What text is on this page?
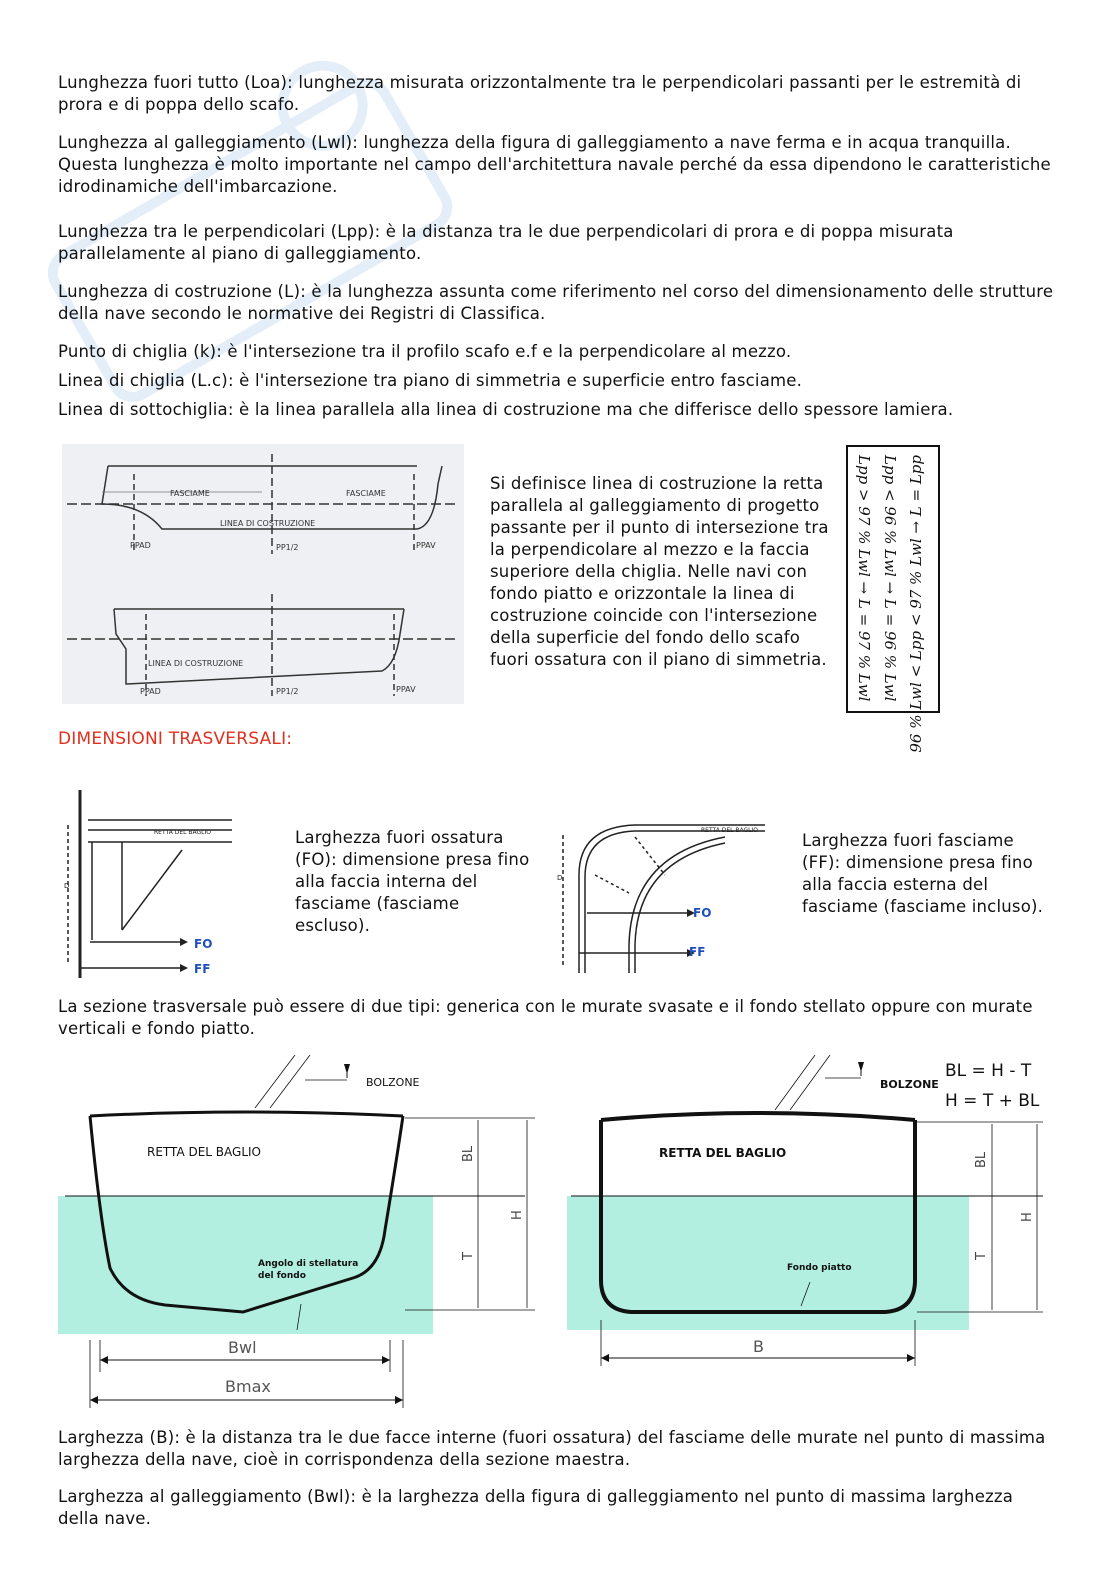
Lunghezza fuori tutto (Loa): lunghezza misurata orizzontalmente tra le perpendicolari passanti per le estremità di prora e di poppa dello scafo.

Lunghezza al galleggiamento (Lwl): lunghezza della figura di galleggiamento a nave ferma e in acqua tranquilla. Questa lunghezza è molto importante nel campo dell'architettura navale perché da essa dipendono le caratteristiche idrodinamiche dell'imbarcazione.

Lunghezza tra le perpendicolari (Lpp): è la distanza tra le due perpendicolari di prora e di poppa misurata parallelamente al piano di galleggiamento.

Lunghezza di costruzione (L): è la lunghezza assunta come riferimento nel corso del dimensionamento delle strutture della nave secondo le normative dei Registri di Classifica.

Punto di chiglia (k): è l'intersezione tra il profilo scafo e.f e la perpendicolare al mezzo.

Linea di chiglia (L.c): è l'intersezione tra piano di simmetria e superficie entro fasciame.

Linea di sottochiglia: è la linea parallela alla linea di costruzione ma che differisce dello spessore lamiera.

FASCIAME	FASCIAME
LINEA DI COSTRUZIONE
PPAD	PP1/2	PPAV
LINEA DI COSTRUZIONE
PPAD	PP1/2	PPAV

Si definisce linea di costruzione la retta parallela al galleggiamento di progetto passante per il punto di intersezione tra la perpendicolare al mezzo e la faccia superiore della chiglia. Nelle navi con fondo piatto e orizzontale la linea di costruzione coincide con l'intersezione della superficie del fondo dello scafo fuori ossatura con il piano di simmetria.	96 % Lwl < Lpp < 97 % Lwl → L = Lpp
Lpp < 96 % Lwl → L = 96 % Lwl
Lpp > 97 % Lwl → L = 97 % Lwl
DIMENSIONI TRASVERSALI:
RETTA DEL BAGLIO
D
FO
FF

Larghezza fuori ossatura (FO): dimensione presa fino alla faccia interna del fasciame (fasciame escluso).

RETTA DEL BAGLIO
D
FO
FF

Larghezza fuori fasciame (FF): dimensione presa fino alla faccia esterna del fasciame (fasciame incluso).

La sezione trasversale può essere di due tipi: generica con le murate svasate e il fondo stellato oppure con murate verticali e fondo piatto.

BOLZONE
RETTA DEL BAGLIO
Angolo di stellatura
del fondo
BL
T
H
Bwl
Bmax
BOLZONE
RETTA DEL BAGLIO
Fondo piatto
BL
T
H
B
BL = H - T
H = T + BL

Larghezza (B): è la distanza tra le due facce interne (fuori ossatura) del fasciame delle murate nel punto di massima larghezza della nave, cioè in corrispondenza della sezione maestra.

Larghezza al galleggiamento (Bwl): è la larghezza della figura di galleggiamento nel punto di massima larghezza della nave.
